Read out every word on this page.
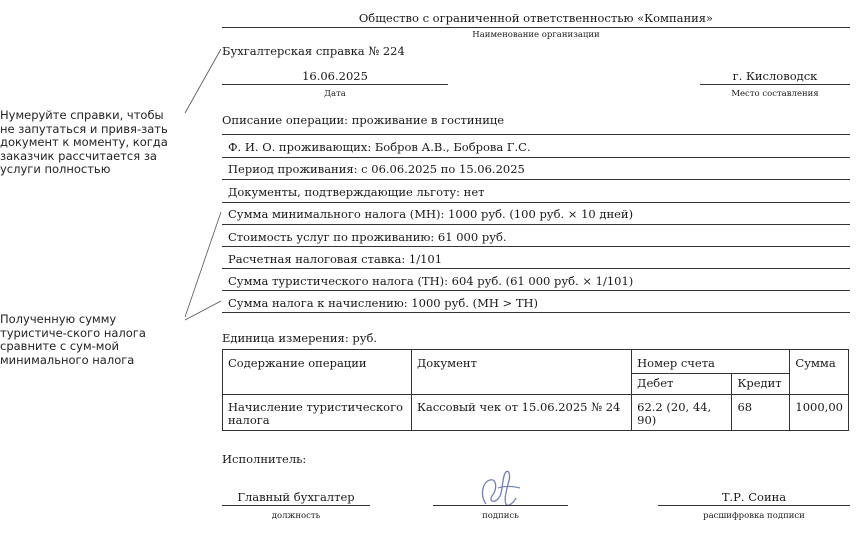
Нумеруйте справки, чтобы не запутаться и привя-зать документ к моменту, когда заказчик рассчитается за услуги полностью
Полученную сумму туристиче-ского налога сравните с сум-мой минимального налога
Общество с ограниченной ответственностью «Компания»
Наименование организации
Бухгалтерская справка № 224
16.06.2025
Дата
г. Кисловодск
Место составления
Описание операции: проживание в гостинице
Ф. И. О. проживающих: Бобров А.В., Боброва Г.С.
Период проживания: с 06.06.2025 по 15.06.2025
Документы, подтверждающие льготу: нет
Сумма минимального налога (МН): 1000 руб. (100 руб. × 10 дней)
Стоимость услуг по проживанию: 61 000 руб.
Расчетная налоговая ставка: 1/101
Сумма туристического налога (ТН): 604 руб. (61 000 руб. × 1/101)
Сумма налога к начислению: 1000 руб. (МН > ТН)
Единица измерения: руб.
Содержание операции	Документ	Номер счета		Сумма
		Дебет	Кредит	
Начисление туристического налога	Кассовый чек от 15.06.2025 № 24	62.2 (20, 44, 90)	68	1000,00
Исполнитель:
Главный бухгалтер
должность	подпись
Т.Р. Соина
расшифровка подписи
